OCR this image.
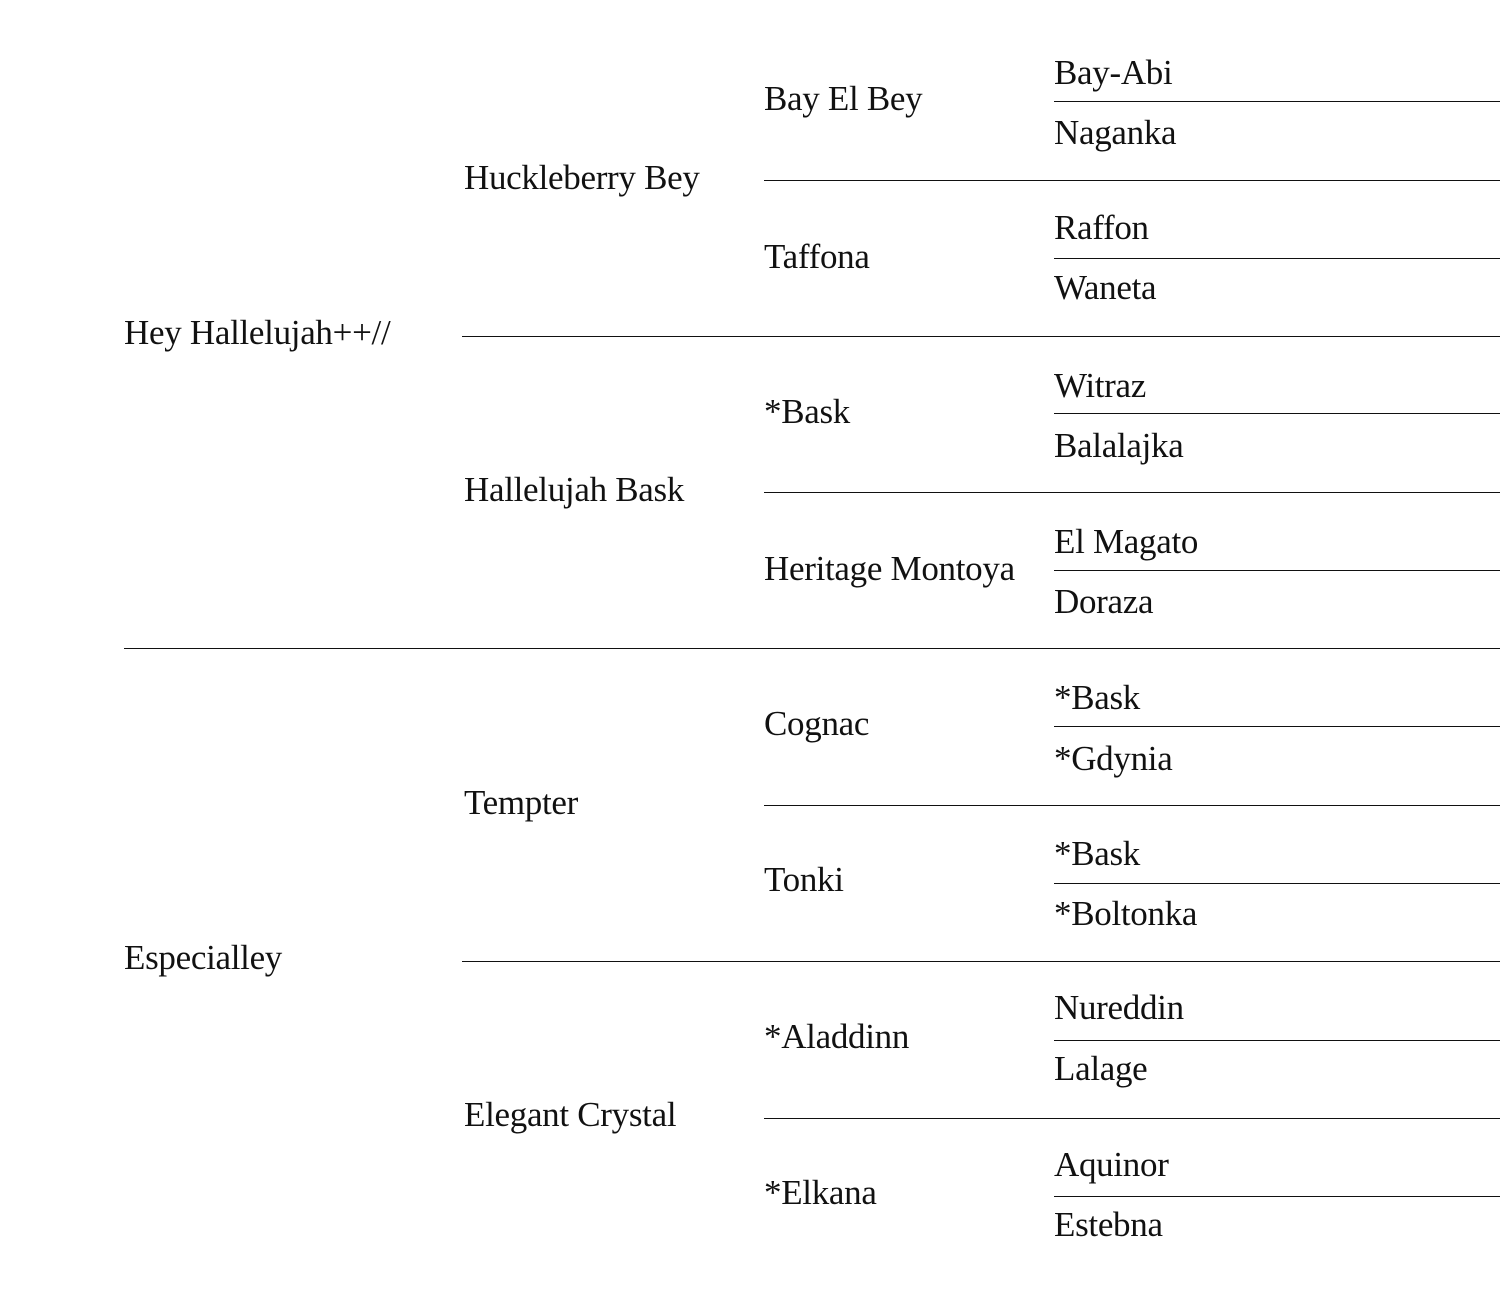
Hey Hallelujah++//
Especialley
Huckleberry Bey
Hallelujah Bask
Tempter
Elegant Crystal
Bay El Bey
Taffona
*Bask
Heritage Montoya
Cognac
Tonki
*Aladdinn
*Elkana
Bay-Abi
Naganka
Raffon
Waneta
Witraz
Balalajka
El Magato
Doraza
*Bask
*Gdynia
*Bask
*Boltonka
Nureddin
Lalage
Aquinor
Estebna
